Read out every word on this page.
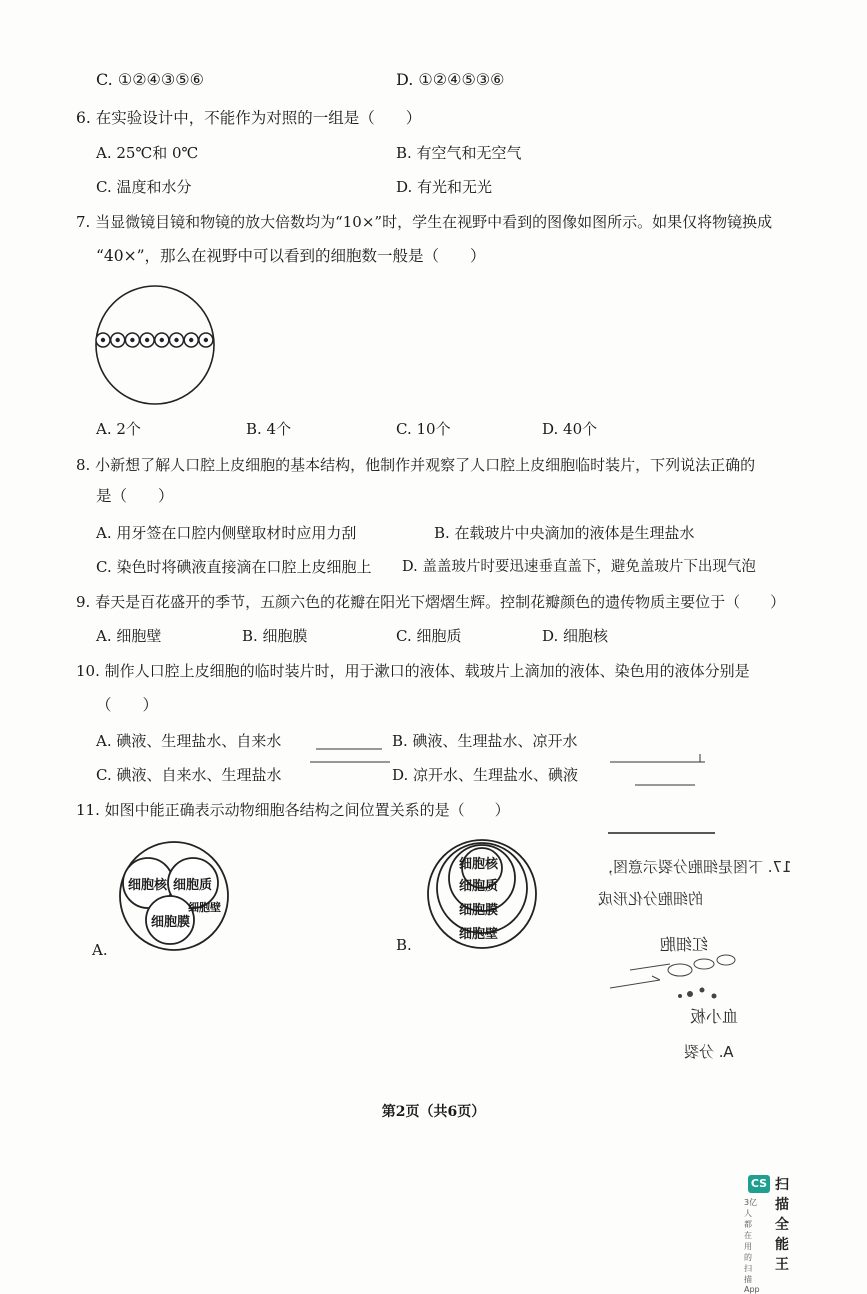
C. ①②④③⑤⑥	D. ①②④⑤③⑥
6. 在实验设计中，不能作为对照的一组是（　　）
A. 25℃和 0℃	B. 有空气和无空气
C. 温度和水分	D. 有光和无光
7. 当显微镜目镜和物镜的放大倍数均为“10×”时，学生在视野中看到的图像如图所示。如果仅将物镜换成
“40×”，那么在视野中可以看到的细胞数一般是（　　）
A. 2个	B. 4个	C. 10个	D. 40个
8. 小新想了解人口腔上皮细胞的基本结构，他制作并观察了人口腔上皮细胞临时装片，下列说法正确的
是（　　）
A. 用牙签在口腔内侧壁取材时应用力刮	B. 在载玻片中央滴加的液体是生理盐水
C. 染色时将碘液直接滴在口腔上皮细胞上 D. 盖盖玻片时要迅速垂直盖下，避免盖玻片下出现气泡
9. 春天是百花盛开的季节，五颜六色的花瓣在阳光下熠熠生辉。控制花瓣颜色的遗传物质主要位于（　　）
A. 细胞壁	B. 细胞膜	C. 细胞质	D. 细胞核
10. 制作人口腔上皮细胞的临时装片时，用于漱口的液体、载玻片上滴加的液体、染色用的液体分别是
（　　）
A. 碘液、生理盐水、自来水	B. 碘液、生理盐水、凉开水
C. 碘液、自来水、生理盐水	D. 凉开水、生理盐水、碘液
11. 如图中能正确表示动物细胞各结构之间位置关系的是（　　）
细胞核 细胞质
细胞膜
细胞壁
A.
细胞核
细胞质
细胞膜
细胞壁
B.
17. 下图是细胞分裂示意图，
的细胞分化形成
红细胞
血小板
A. 分裂
第2页（共6页）
CS 扫描全能王
3亿人都在用的扫描App
